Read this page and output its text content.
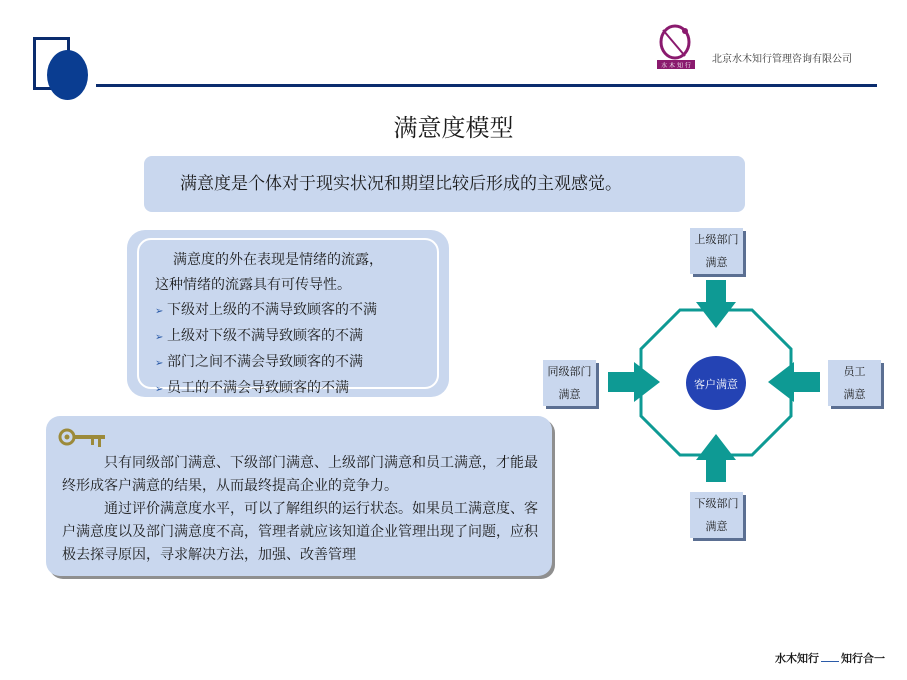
水 木 知 行
北京水木知行管理咨询有限公司
满意度模型
满意度是个体对于现实状况和期望比较后形成的主观感觉。
满意度的外在表现是情绪的流露，
这种情绪的流露具有可传导性。
➢ 下级对上级的不满导致顾客的不满
➢ 上级对下级不满导致顾客的不满
➢ 部门之间不满会导致顾客的不满
➢ 员工的不满会导致顾客的不满

只有同级部门满意、下级部门满意、上级部门满意和员工满意，才能最终形成客户满意的结果，从而最终提高企业的竞争力。

通过评价满意度水平，可以了解组织的运行状态。如果员工满意度、客户满意度以及部门满意度不高，管理者就应该知道企业管理出现了问题，应积极去探寻原因，寻求解决方法，加强、改善管理

客户满意
上级部门
满意
同级部门
满意
员工
满意
下级部门
满意
水木知行 知行合一
